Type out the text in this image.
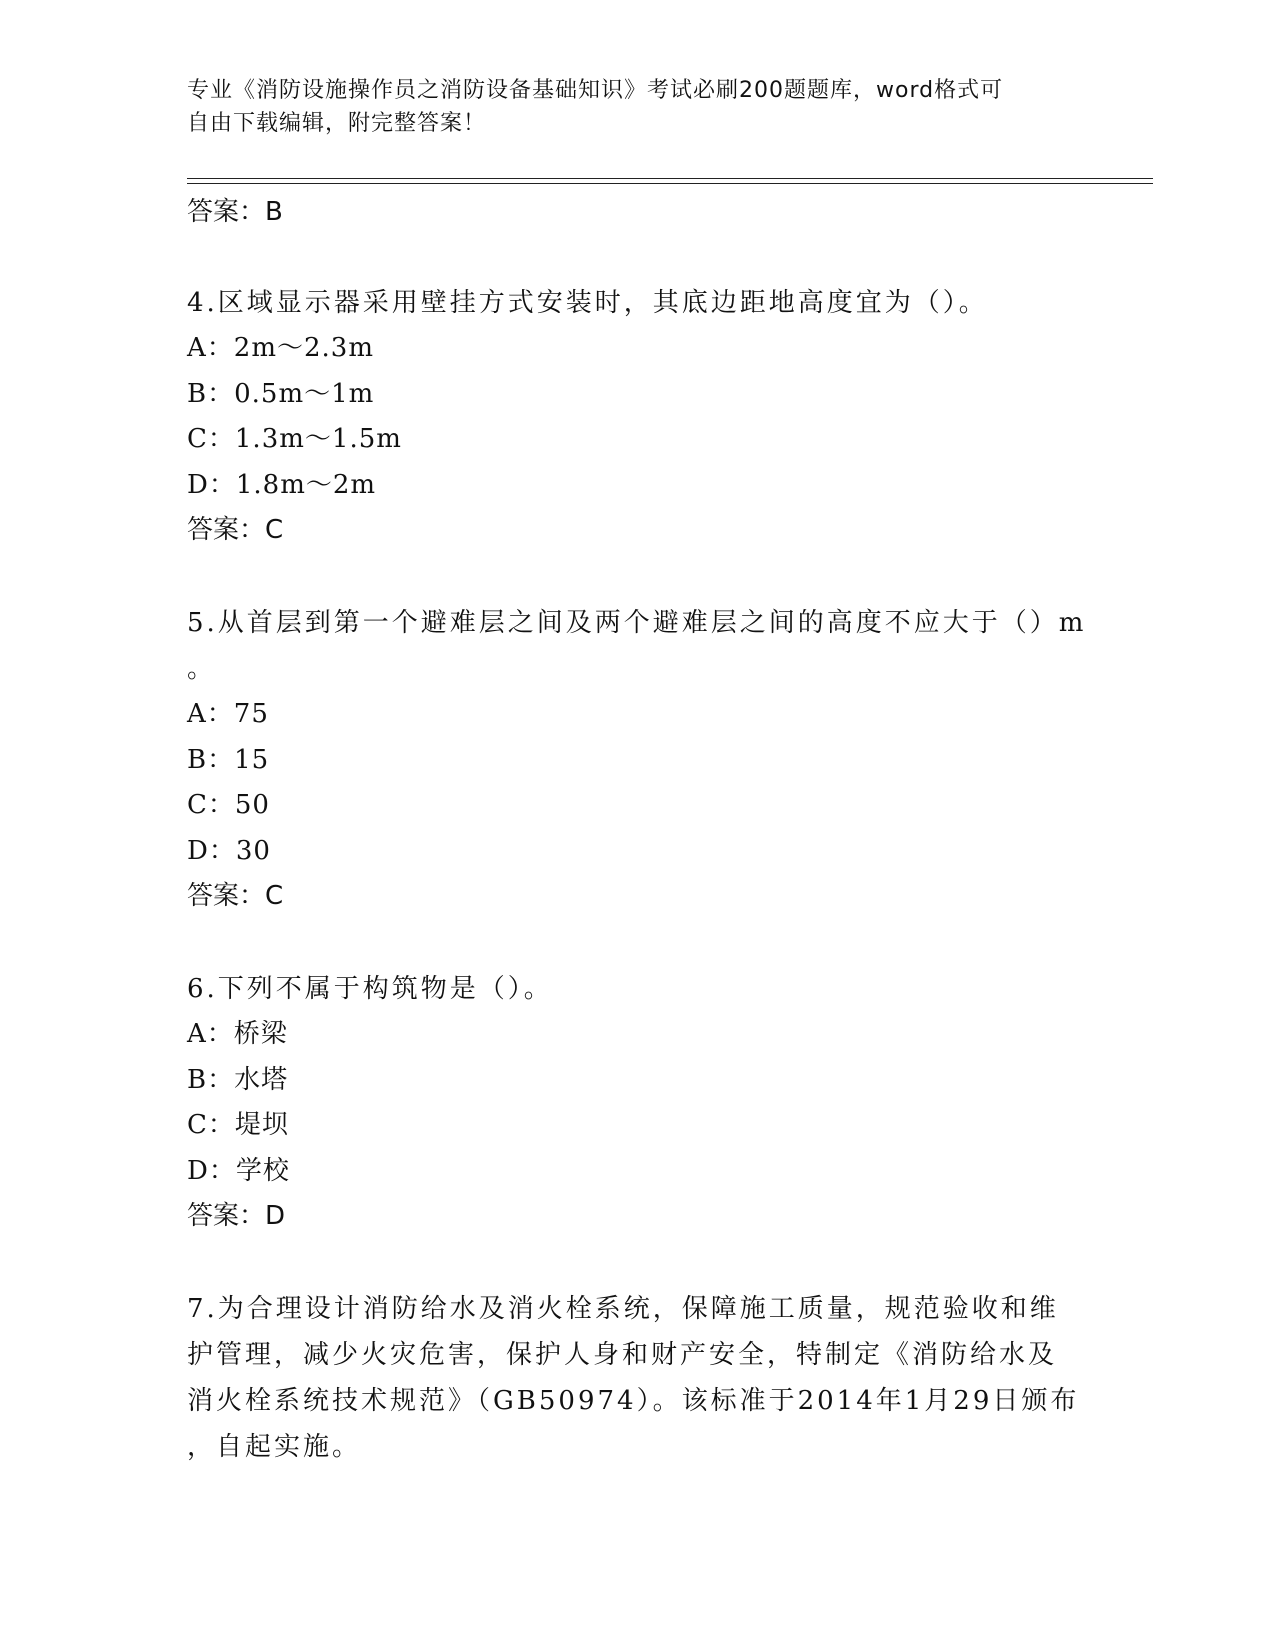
专业《消防设施操作员之消防设备基础知识》考试必刷200题题库，word格式可
自由下载编辑，附完整答案！
答案：B
4.区域显示器采用壁挂方式安装时，其底边距地高度宜为（）。
A：2m～2.3m
B：0.5m～1m
C：1.3m～1.5m
D：1.8m～2m
答案：C
5.从首层到第一个避难层之间及两个避难层之间的高度不应大于（）m
。
A：75
B：15
C：50
D：30
答案：C
6.下列不属于构筑物是（）。
A：桥梁
B：水塔
C：堤坝
D：学校
答案：D
7.为合理设计消防给水及消火栓系统，保障施工质量，规范验收和维
护管理，减少火灾危害，保护人身和财产安全，特制定《消防给水及
消火栓系统技术规范》（GB50974）。该标准于2014年1月29日颁布
，自起实施。
